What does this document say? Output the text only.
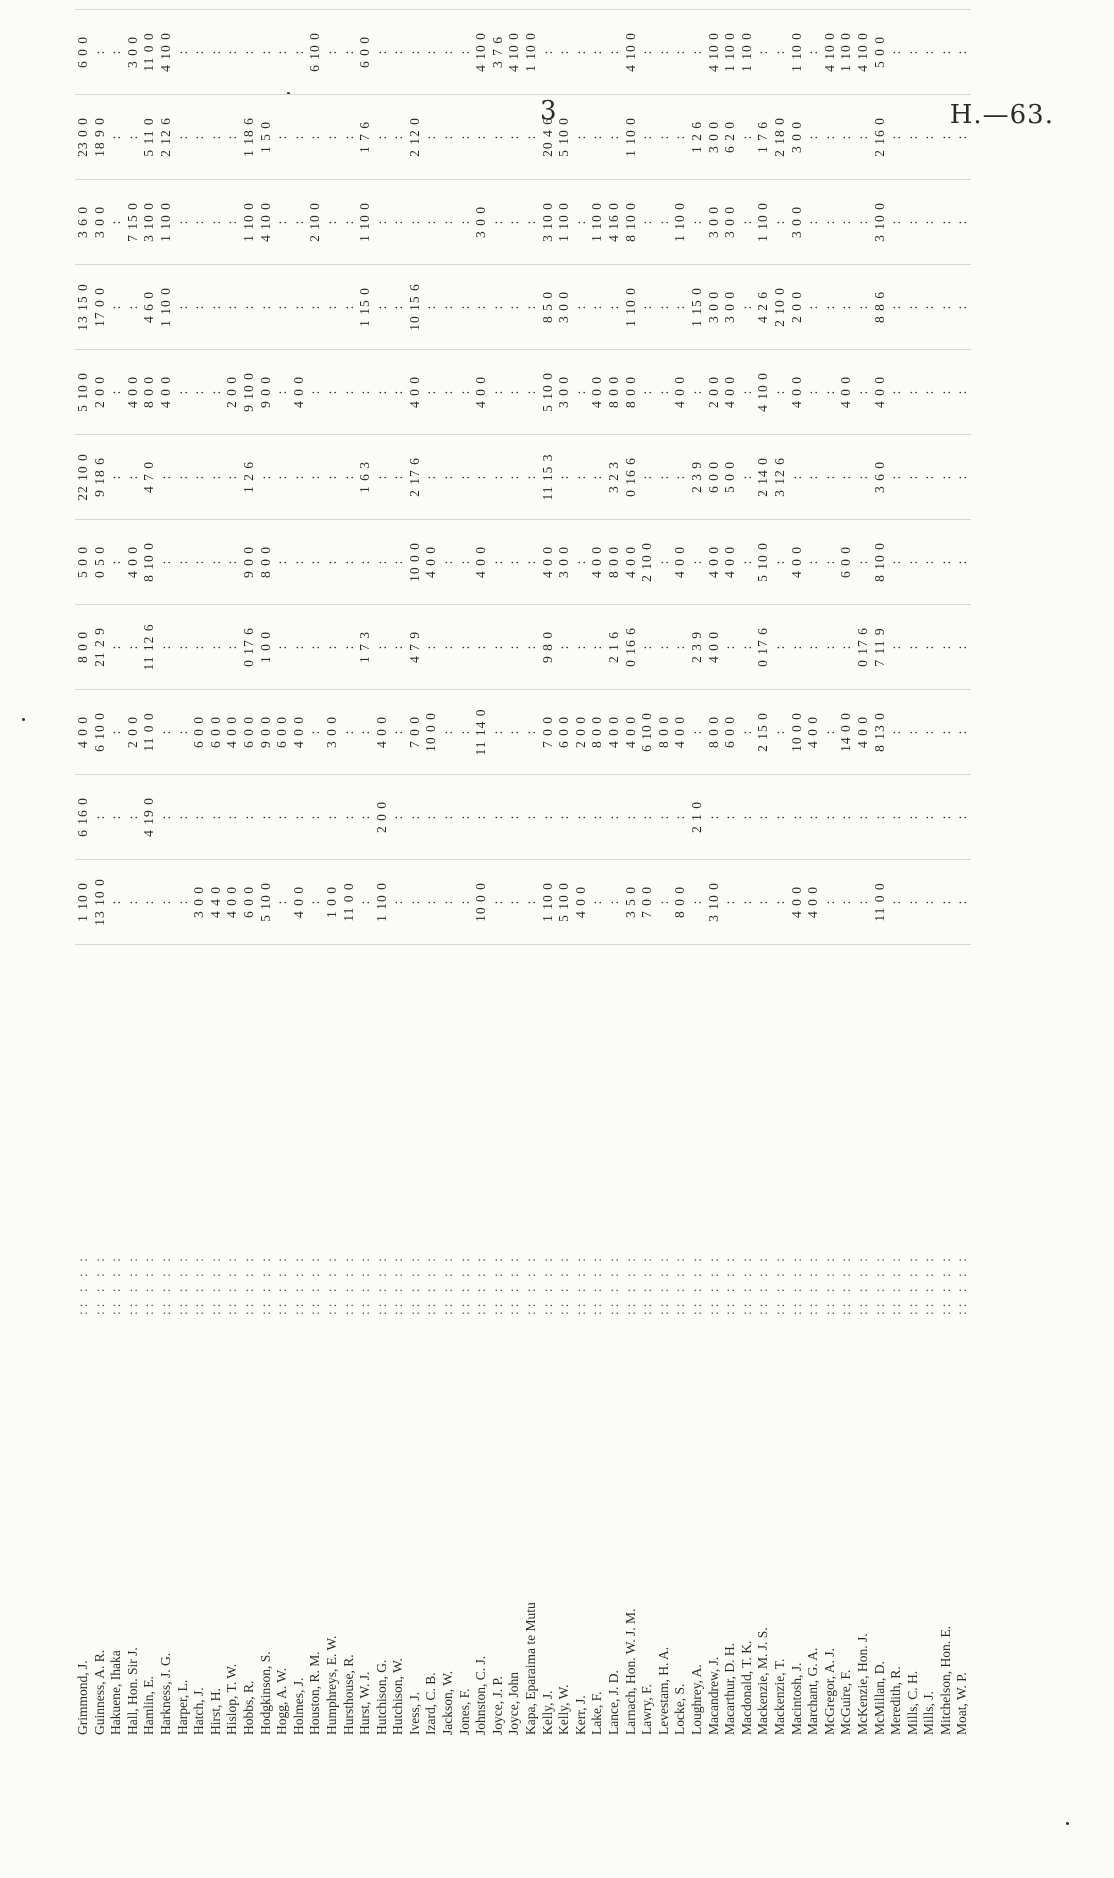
3	H.—63.
Grimmond, J.
:: : : :
1 10 0
6 16 0
4 0 0
8 0 0
5 0 0
22 10 0
5 10 0
13 15 0
3 6 0
23 0 0
6 0 0
Guinness, A. R.
:: : : :
13 10 0
:
6 10 0
21 2 9
0 5 0
9 18 6
2 0 0
17 0 0
3 0 0
18 9 0
:
Hakuene, Ihaka
:: : : :
:
:
:
:
:
:
:
:
:
:
:
Hall, Hon. Sir J.
:: : : :
:
:
2 0 0
:
4 0 0
:
4 0 0
:
7 15 0
:
3 0 0
Hamlin, E.
:: : : :
:
4 19 0
11 0 0
11 12 6
8 10 0
4 7 0
8 0 0
4 6 0
3 10 0
5 11 0
11 0 0
Harkness, J. G.
:: : : :
:
:
:
:
:
:
4 0 0
1 10 0
1 10 0
2 12 6
4 10 0
Harper, L.
:: : : :
:
:
:
:
:
:
:
:
:
:
:
Hatch, J.
:: : : :
3 0 0
:
6 0 0
:
:
:
:
:
:
:
:
Hirst, H.
:: : : :
4 4 0
:
6 0 0
:
:
:
:
:
:
:
:
Hislop, T. W.
:: : : :
4 0 0
:
4 0 0
:
:
:
2 0 0
:
:
:
:
Hobbs, R.
:: : : :
6 0 0
:
6 0 0
0 17 6
9 0 0
1 2 6
9 10 0
:
1 10 0
1 18 6
:
Hodgkinson, S.
:: : : :
5 10 0
:
9 0 0
1 0 0
8 0 0
:
9 0 0
:
4 10 0
1 5 0
:
Hogg, A. W.
:: : : :
:
:
6 0 0
:
:
:
:
:
:
:
:
Holmes, J.
:: : : :
4 0 0
:
4 0 0
:
:
:
4 0 0
:
:
:
:
Houston, R. M.
:: : : :
:
:
:
:
:
:
:
:
2 10 0
:
6 10 0
Humphreys, E. W.
:: : : :
1 0 0
:
3 0 0
:
:
:
:
:
:
:
:
Hursthouse, R.
:: : : :
11 0 0
:
:
:
:
:
:
:
:
:
:
Hurst, W. J.
:: : : :
:
:
:
1 7 3
:
1 6 3
:
1 15 0
1 10 0
1 7 6
6 0 0
Hutchison, G.
:: : : :
1 10 0
2 0 0
4 0 0
:
:
:
:
:
:
:
:
Hutchison, W.
:: : : :
:
:
:
:
:
:
:
:
:
:
:
Ivess, J.
:: : : :
:
:
7 0 0
4 7 9
10 0 0
2 17 6
4 0 0
10 15 6
:
2 12 0
:
Izard, C. B.
:: : : :
:
:
10 0 0
:
4 0 0
:
:
:
:
:
:
Jackson, W.
:: : : :
:
:
:
:
:
:
:
:
:
:
:
Jones, F.
:: : : :
:
:
:
:
:
:
:
:
:
:
:
Johnston, C. J.
:: : : :
10 0 0
:
11 14 0
:
4 0 0
:
4 0 0
:
3 0 0
:
4 10 0
Joyce, J. P.
:: : : :
:
:
:
:
:
:
:
:
:
:
3 7 6
Joyce, John
:: : : :
:
:
:
:
:
:
:
:
:
:
4 10 0
Kapa, Eparaima te Mutu
:: : : :
:
:
:
:
:
:
:
:
:
:
1 10 0
Kelly, J.
:: : : :
1 10 0
:
7 0 0
9 8 0
4 0 0
11 15 3
5 10 0
8 5 0
3 10 0
20 4 6
:
Kelly, W.
:: : : :
5 10 0
:
6 0 0
:
3 0 0
:
3 0 0
3 0 0
1 10 0
5 10 0
:
Kerr, J.
:: : : :
4 0 0
:
2 0 0
:
:
:
:
:
:
:
:
Lake, F.
:: : : :
:
:
8 0 0
:
4 0 0
:
4 0 0
:
1 10 0
:
:
Lance, J. D.
:: : : :
:
:
4 0 0
2 1 6
8 0 0
3 2 3
8 0 0
:
4 16 0
:
:
Larnach, Hon. W. J. M.
:: : : :
3 5 0
:
4 0 0
0 16 6
4 0 0
0 16 6
8 0 0
1 10 0
8 10 0
1 10 0
4 10 0
Lawry, F.
:: : : :
7 0 0
:
6 10 0
:
2 10 0
:
:
:
:
:
:
Levestam, H. A.
:: : : :
:
:
8 0 0
:
:
:
:
:
:
:
:
Locke, S.
:: : : :
8 0 0
:
4 0 0
:
4 0 0
:
4 0 0
:
1 10 0
:
:
Loughrey, A.
:: : : :
:
2 1 0
:
2 3 9
:
2 3 9
:
1 15 0
:
1 2 6
:
Macandrew, J.
:: : : :
3 10 0
:
8 0 0
4 0 0
4 0 0
6 0 0
2 0 0
3 0 0
3 0 0
3 0 0
4 10 0
Macarthur, D. H.
:: : : :
:
:
6 0 0
:
4 0 0
5 0 0
4 0 0
3 0 0
3 0 0
6 2 0
1 10 0
Macdonald, T. K.
:: : : :
:
:
:
:
:
:
:
:
:
:
1 10 0
Mackenzie, M. J. S.
:: : : :
:
:
2 15 0
0 17 6
5 10 0
2 14 0
4 10 0
4 2 6
1 10 0
1 7 6
:
Mackenzie, T.
:: : : :
:
:
:
:
:
3 12 6
:
2 10 0
:
2 18 0
:
Macintosh, J.
:: : : :
4 0 0
:
10 0 0
:
4 0 0
:
4 0 0
2 0 0
3 0 0
3 0 0
1 10 0
Marchant, G. A.
:: : : :
4 0 0
:
4 0 0
:
:
:
:
:
:
:
:
McGregor, A. J.
:: : : :
:
:
:
:
:
:
:
:
:
:
4 10 0
McGuire, F.
:: : : :
:
:
14 0 0
:
6 0 0
:
4 0 0
:
:
:
1 10 0
McKenzie, Hon. J.
:: : : :
:
:
4 0 0
0 17 6
:
:
:
:
:
:
4 10 0
McMillan, D.
:: : : :
11 0 0
:
8 13 0
7 11 9
8 10 0
3 6 0
4 0 0
8 8 6
3 10 0
2 16 0
5 0 0
Meredith, R.
:: : : :
:
:
:
:
:
:
:
:
:
:
:
Mills, C. H.
:: : : :
:
:
:
:
:
:
:
:
:
:
:
Mills, J.
:: : : :
:
:
:
:
:
:
:
:
:
:
:
Mitchelson, Hon. E.
:: : : :
:
:
:
:
:
:
:
:
:
:
:
Moat, W. P.
:: : : :
:
:
:
:
:
:
:
:
:
:
:
